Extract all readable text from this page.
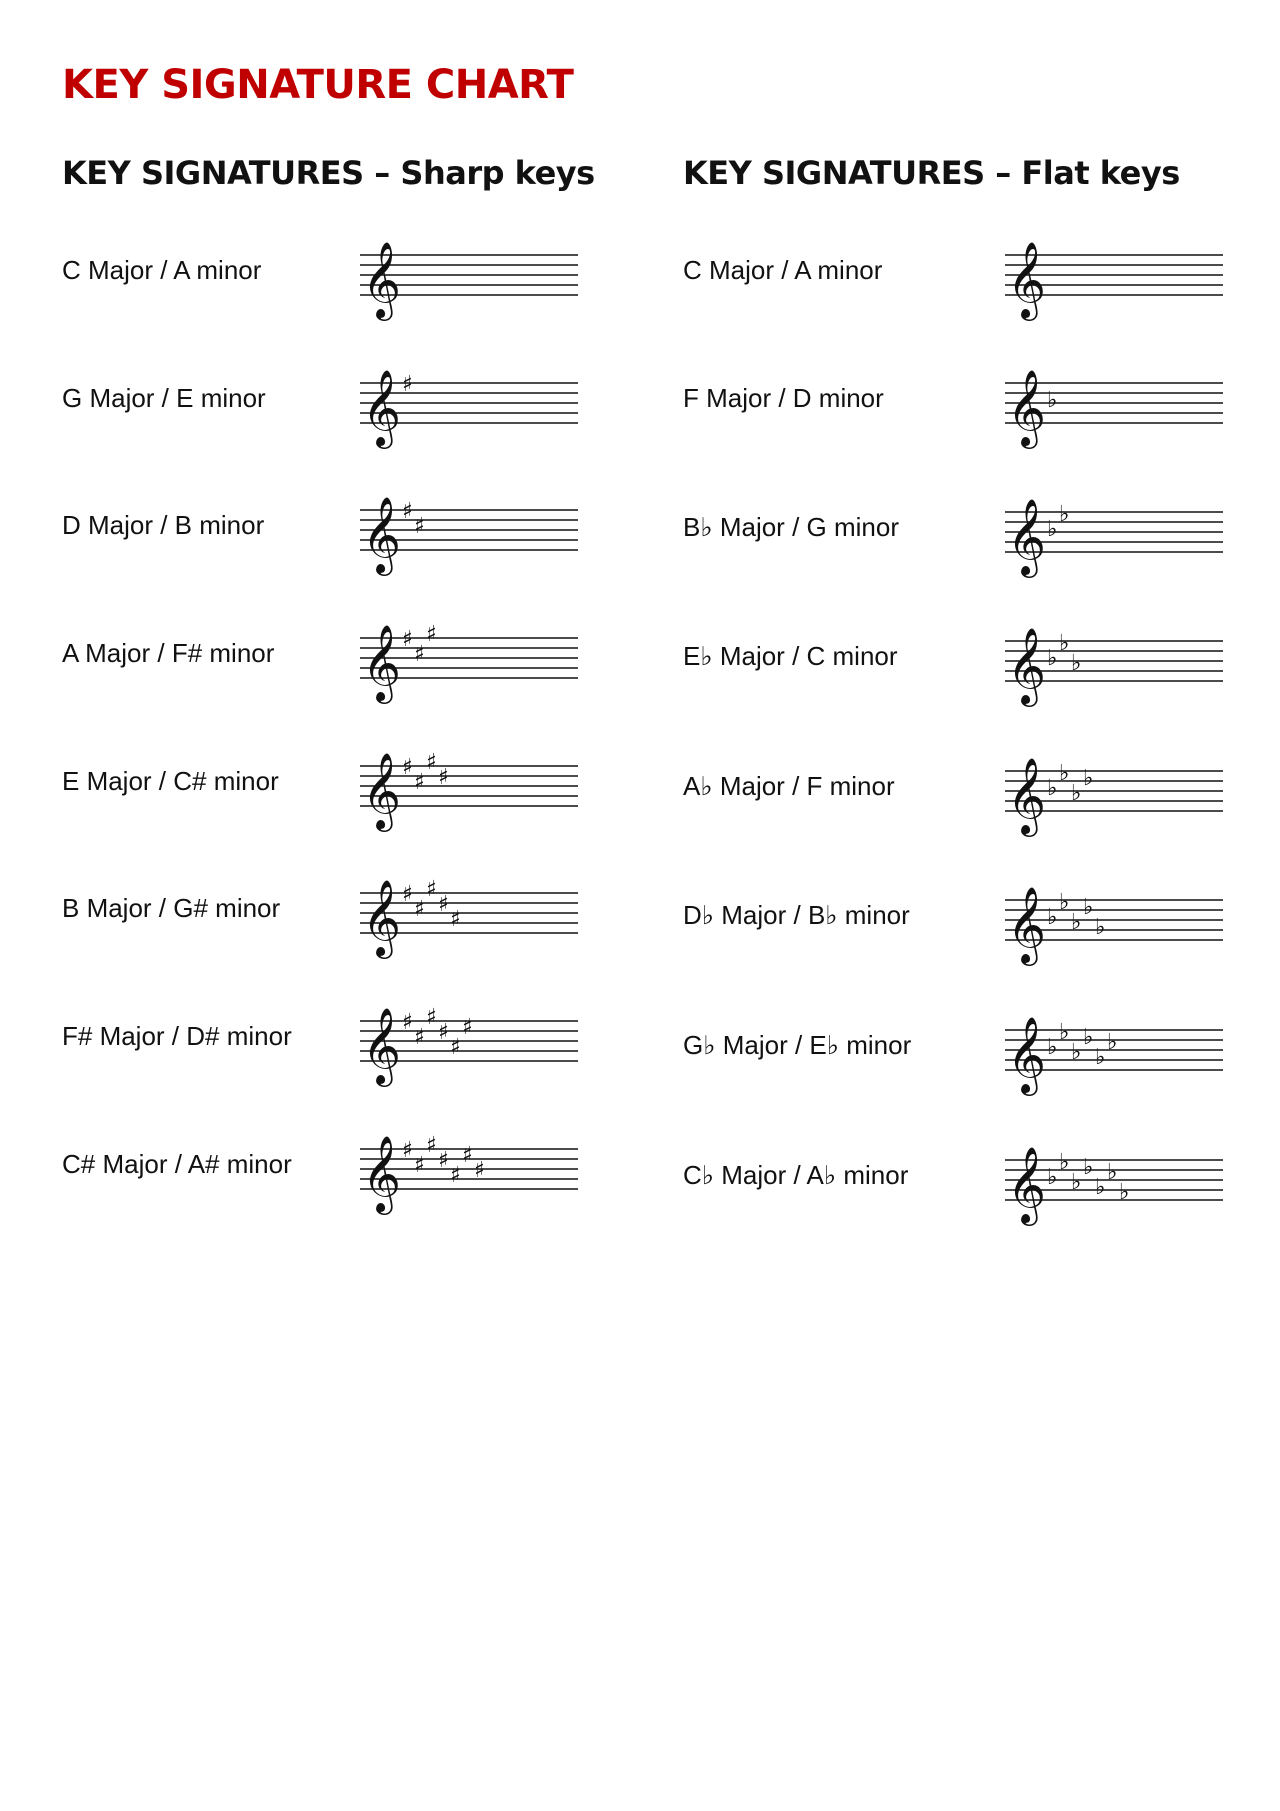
KEY SIGNATURE CHART
KEY SIGNATURES – Sharp keys	KEY SIGNATURES – Flat keys
C Major / A minor 𝄞
G Major / E minor 𝄞 ♯
D Major / B minor 𝄞 ♯
♯
A Major / F# minor 𝄞 ♯
♯
♯
E Major / C# minor 𝄞 ♯
♯
♯
♯
B Major / G# minor 𝄞 ♯
♯
♯
♯
♯
F# Major / D# minor 𝄞 ♯
♯
♯
♯
♯
♯
C# Major / A# minor 𝄞 ♯
♯
♯
♯
♯
♯
♯
C Major / A minor 𝄞
F Major / D minor 𝄞 ♭
B♭ Major / G minor 𝄞 ♭
♭
E♭ Major / C minor 𝄞 ♭
♭
♭
A♭ Major / F minor 𝄞 ♭
♭
♭
♭
D♭ Major / B♭ minor 𝄞 ♭
♭
♭
♭
♭
G♭ Major / E♭ minor 𝄞 ♭
♭
♭
♭
♭
♭
C♭ Major / A♭ minor 𝄞 ♭
♭
♭
♭
♭
♭
♭
